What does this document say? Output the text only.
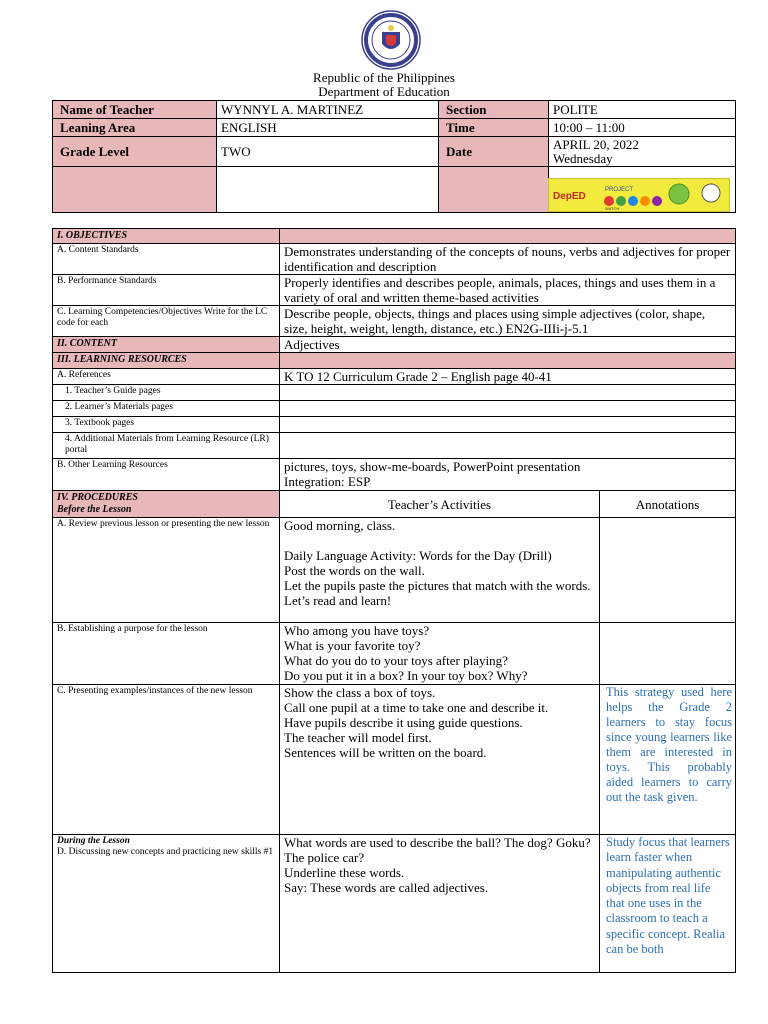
Republic of the Philippines
Department of Education
Name of Teacher	WYNNYL A. MARTINEZ	Section	POLITE
Leaning Area	ENGLISH	Time	10:00 – 11:00
Grade Level	TWO	Date	APRIL 20, 2022
Wednesday

DepED
PROJECT
WATCH
I. OBJECTIVES		
A. Content Standards	Demonstrates understanding of the concepts of nouns, verbs and adjectives for proper identification and description	
B. Performance Standards	Properly identifies and describes people, animals, places, things and uses them in a variety of oral and written theme-based activities	
C. Learning Competencies/Objectives Write for the LC code for each	Describe people, objects, things and places using simple adjectives (color, shape, size, height, weight, length, distance, etc.) EN2G-IIIi-j-5.1	
II. CONTENT	Adjectives	
III. LEARNING RESOURCES		
A. References	K TO 12 Curriculum Grade 2 – English page 40-41	
1. Teacher’s Guide pages		
2. Learner’s Materials pages		
3. Textbook pages		
4. Additional Materials from Learning Resource (LR) portal		
B. Other Learning Resources	pictures, toys, show-me-boards, PowerPoint presentation
Integration: ESP	

IV. PROCEDURES
Before the Lesson	Teacher’s Activities	Annotations
A. Review previous lesson or presenting the new lesson	Good morning, class.
Daily Language Activity: Words for the Day (Drill)
Post the words on the wall.
Let the pupils paste the pictures that match with the words. Let’s read and learn!	

B. Establishing a purpose for the lesson	Who among you have toys?
What is your favorite toy?
What do you do to your toys after playing?
Do you put it in a box? In your toy box? Why?	

C. Presenting examples/instances of the new lesson	Show the class a box of toys.
Call one pupil at a time to take one and describe it.
Have pupils describe it using guide questions.
The teacher will model first.
Sentences will be written on the board.	This strategy used here helps the Grade 2 learners to stay focus since young learners like them are interested in toys. This probably aided learners to carry out the task given.

During the Lesson
D. Discussing new concepts and practicing new skills #1	What words are used to describe the ball? The dog? Goku? The police car?
Underline these words.
Say: These words are called adjectives.	Study focus that learners learn faster when manipulating authentic objects from real life that one uses in the classroom to teach a specific concept. Realia can be both
